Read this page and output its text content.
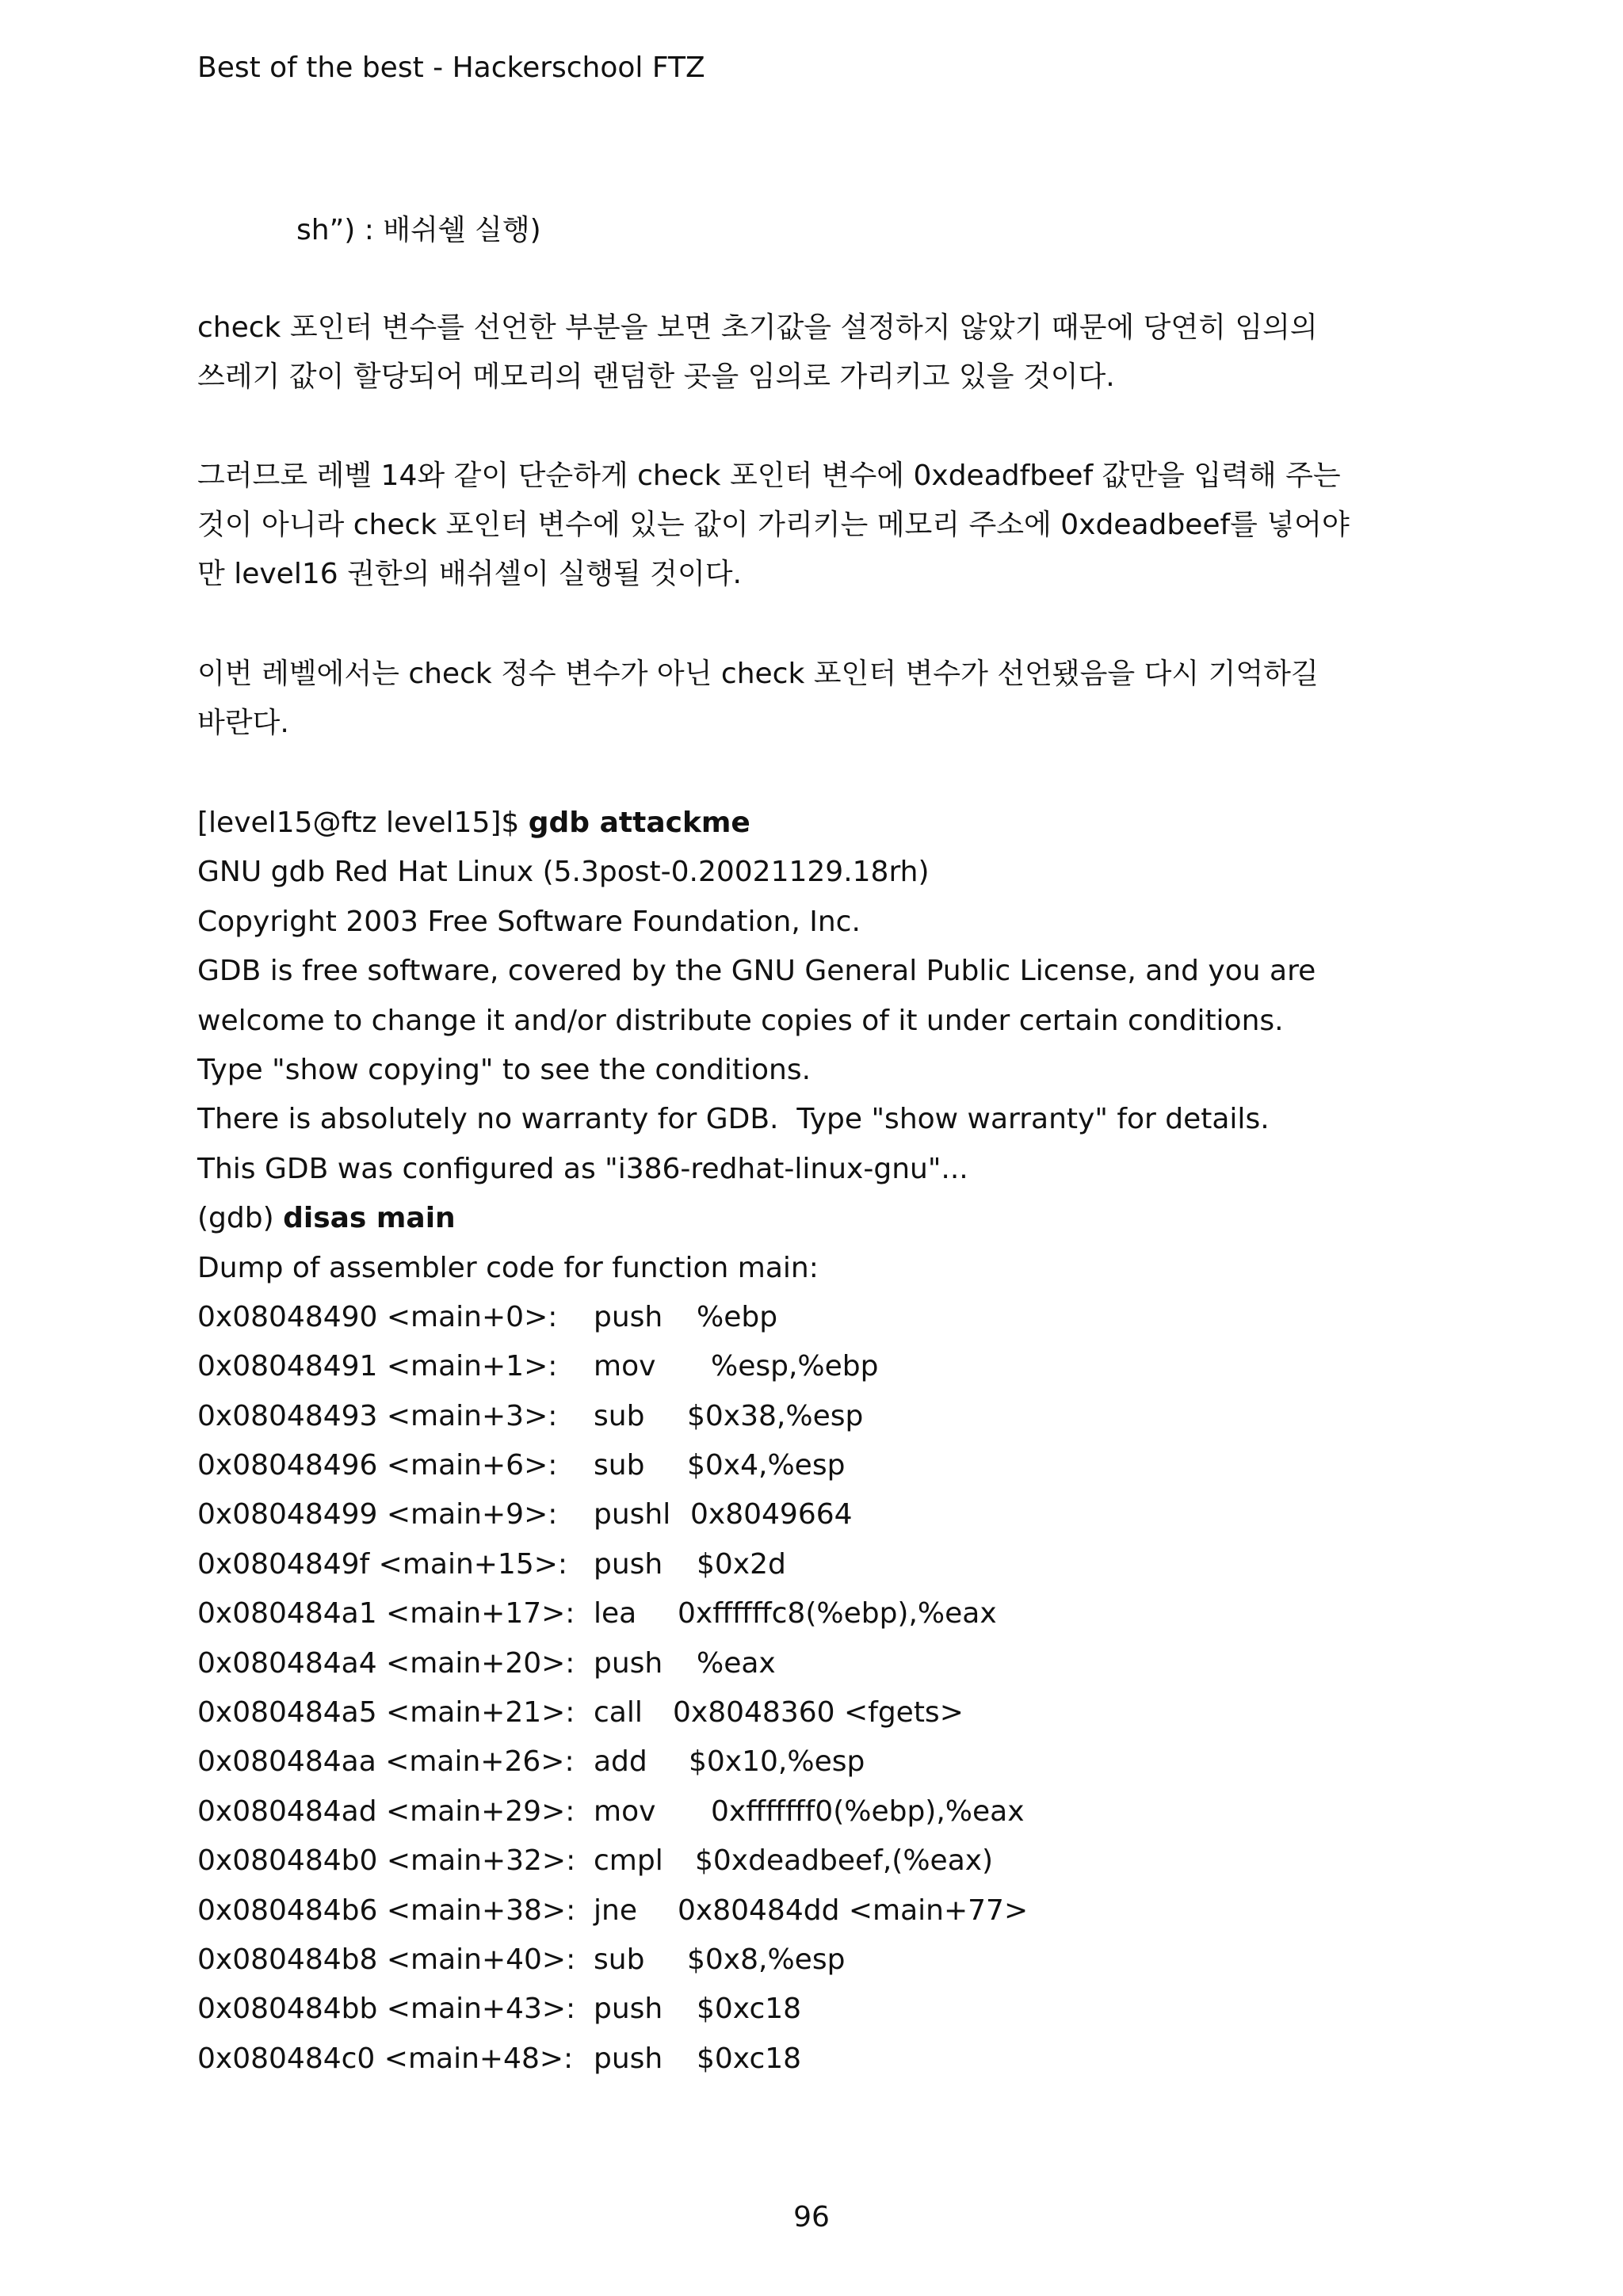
Best of the best - Hackerschool FTZ
sh”) : 배쉬쉘 실행)
check 포인터 변수를 선언한 부분을 보면 초기값을 설정하지 않았기 때문에 당연히 임의의
쓰레기 값이 할당되어 메모리의 랜덤한 곳을 임의로 가리키고 있을 것이다.
그러므로 레벨 14와 같이 단순하게 check 포인터 변수에 0xdeadfbeef 값만을 입력해 주는
것이 아니라 check 포인터 변수에 있는 값이 가리키는 메모리 주소에 0xdeadbeef를 넣어야
만 level16 권한의 배쉬셀이 실행될 것이다.
이번 레벨에서는 check 정수 변수가 아닌 check 포인터 변수가 선언됐음을 다시 기억하길
바란다.
[level15@ftz level15]$ gdb attackme
GNU gdb Red Hat Linux (5.3post-0.20021129.18rh)
Copyright 2003 Free Software Foundation, Inc.
GDB is free software, covered by the GNU General Public License, and you are
welcome to change it and/or distribute copies of it under certain conditions.
Type "show copying" to see the conditions.
There is absolutely no warranty for GDB.  Type "show warranty" for details.
This GDB was configured as "i386-redhat-linux-gnu"...
(gdb) disas main
Dump of assembler code for function main:
0x08048490 <main+0>: push %ebp
0x08048491 <main+1>: mov %esp,%ebp
0x08048493 <main+3>: sub $0x38,%esp
0x08048496 <main+6>: sub $0x4,%esp
0x08048499 <main+9>: pushl 0x8049664
0x0804849f <main+15>: push $0x2d
0x080484a1 <main+17>: lea 0xffffffc8(%ebp),%eax
0x080484a4 <main+20>: push %eax
0x080484a5 <main+21>: call 0x8048360 <fgets>
0x080484aa <main+26>: add $0x10,%esp
0x080484ad <main+29>: mov 0xfffffff0(%ebp),%eax
0x080484b0 <main+32>: cmpl $0xdeadbeef,(%eax)
0x080484b6 <main+38>: jne 0x80484dd <main+77>
0x080484b8 <main+40>: sub $0x8,%esp
0x080484bb <main+43>: push $0xc18
0x080484c0 <main+48>: push $0xc18
96
